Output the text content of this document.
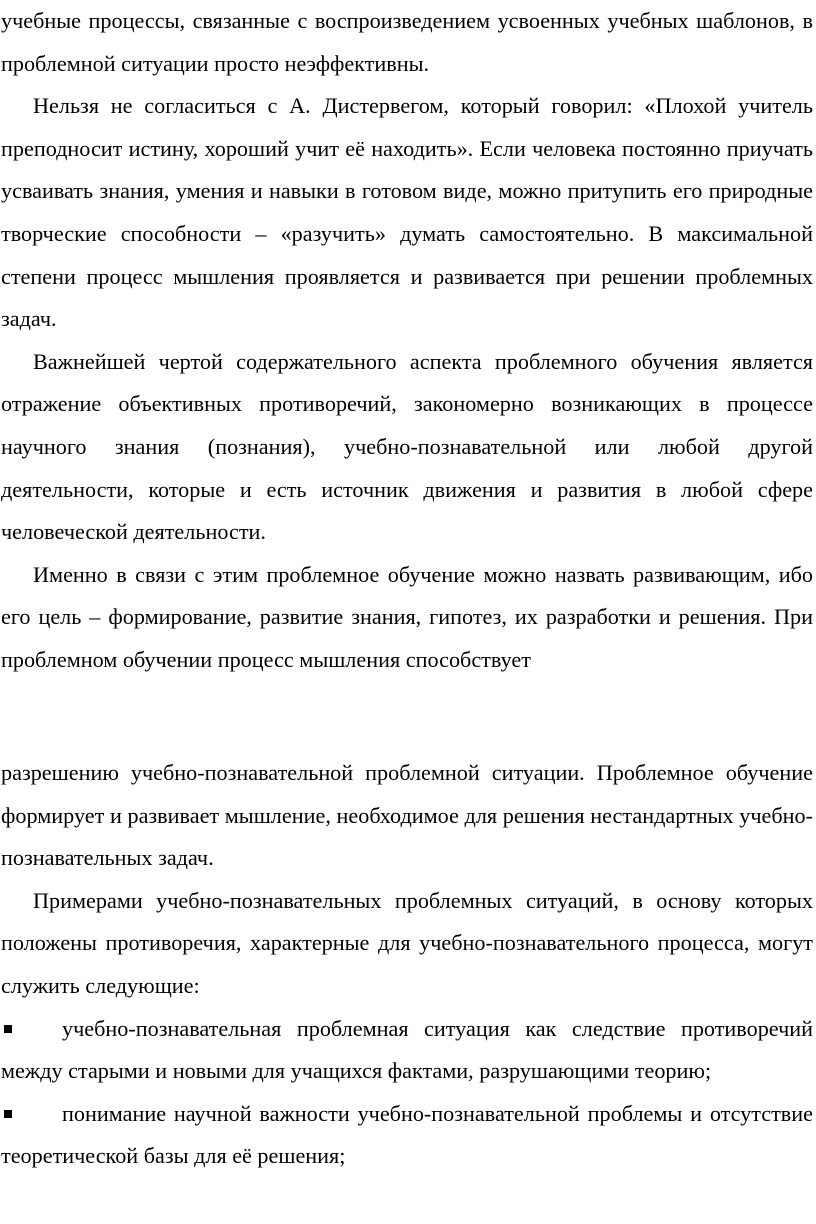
учебные процессы, связанные с воспроизведением усвоенных учебных шаблонов, в проблемной ситуации просто неэффективны.

Нельзя не согласиться с А. Дистервегом, который говорил: «Плохой учитель преподносит истину, хороший учит её находить». Если человека постоянно приучать усваивать знания, умения и навыки в готовом виде, можно притупить его природные творческие способности – «разучить» думать самостоятельно. В максимальной степени процесс мышления проявляется и развивается при решении проблемных задач.

Важнейшей чертой содержательного аспекта проблемного обучения является отражение объективных противоречий, закономерно возникающих в процессе научного знания (познания), учебно-познавательной или любой другой деятельности, которые и есть источник движения и развития в любой сфере человеческой деятельности.

Именно в связи с этим проблемное обучение можно назвать развивающим, ибо его цель – формирование, развитие знания, гипотез, их разработки и решения. При проблемном обучении процесс мышления способствует

разрешению учебно-познавательной проблемной ситуации. Проблемное обучение формирует и развивает мышление, необходимое для решения нестандартных учебно-познавательных задач.

Примерами учебно-познавательных проблемных ситуаций, в основу которых положены противоречия, характерные для учебно-познавательного процесса, могут служить следующие:

учебно-познавательная проблемная ситуация как следствие противоречий между старыми и новыми для учащихся фактами, разрушающими теорию;

понимание научной важности учебно-познавательной проблемы и отсутствие теоретической базы для её решения;
